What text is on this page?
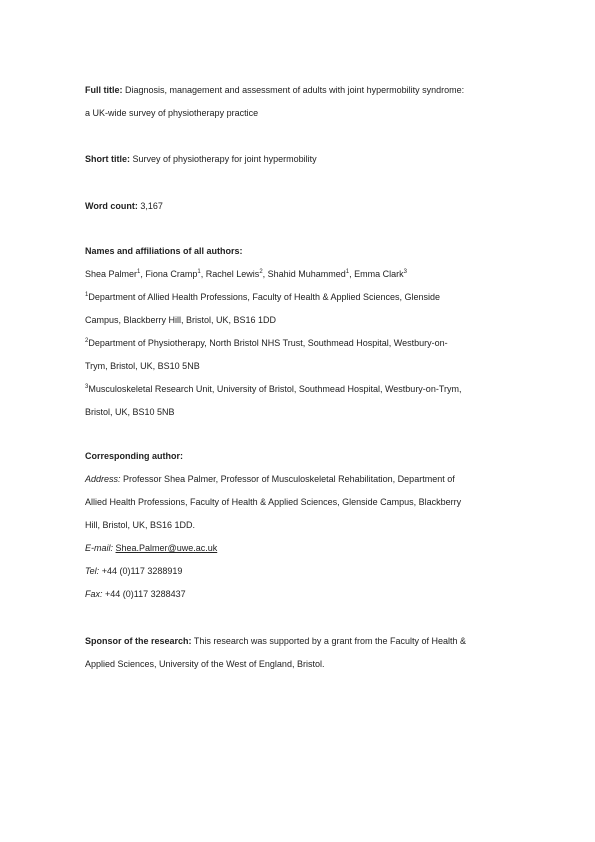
Full title: Diagnosis, management and assessment of adults with joint hypermobility syndrome:
a UK-wide survey of physiotherapy practice
Short title: Survey of physiotherapy for joint hypermobility
Word count: 3,167
Names and affiliations of all authors:
Shea Palmer$^1$, Fiona Cramp$^1$, Rachel Lewis$^2$, Shahid Muhammed$^1$, Emma Clark$^3$
$^1$Department of Allied Health Professions, Faculty of Health & Applied Sciences, Glenside
Campus, Blackberry Hill, Bristol, UK, BS16 1DD
$^2$Department of Physiotherapy, North Bristol NHS Trust, Southmead Hospital, Westbury-on-
Trym, Bristol, UK, BS10 5NB
$^3$Musculoskeletal Research Unit, University of Bristol, Southmead Hospital, Westbury-on-Trym,
Bristol, UK, BS10 5NB
Corresponding author:
Address: Professor Shea Palmer, Professor of Musculoskeletal Rehabilitation, Department of
Allied Health Professions, Faculty of Health & Applied Sciences, Glenside Campus, Blackberry
Hill, Bristol, UK, BS16 1DD.
E-mail: Shea.Palmer@uwe.ac.uk
Tel: +44 (0)117 3288919
Fax: +44 (0)117 3288437
Sponsor of the research: This research was supported by a grant from the Faculty of Health &
Applied Sciences, University of the West of England, Bristol.
